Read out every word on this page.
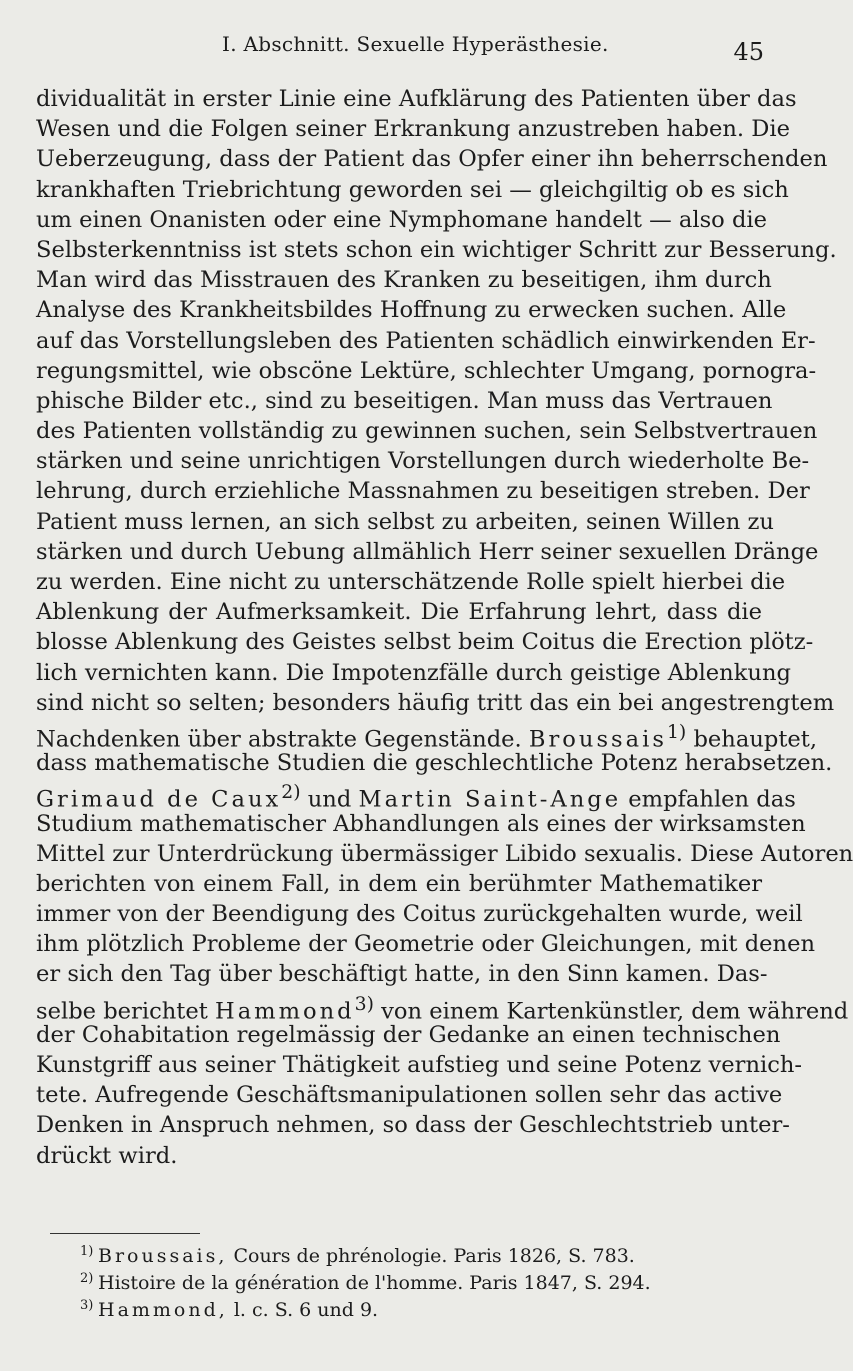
I. Abschnitt. Sexuelle Hyperästhesie.	45
dividualität in erster Linie eine Aufklärung des Patienten über das
Wesen und die Folgen seiner Erkrankung anzustreben haben. Die
Ueberzeugung, dass der Patient das Opfer einer ihn beherrschenden
krankhaften Triebrichtung geworden sei — gleichgiltig ob es sich
um einen Onanisten oder eine Nymphomane handelt — also die
Selbsterkenntniss ist stets schon ein wichtiger Schritt zur Besserung.
Man wird das Misstrauen des Kranken zu beseitigen, ihm durch
Analyse des Krankheitsbildes Hoffnung zu erwecken suchen. Alle
auf das Vorstellungsleben des Patienten schädlich einwirkenden Er-
regungsmittel, wie obscöne Lektüre, schlechter Umgang, pornogra-
phische Bilder etc., sind zu beseitigen. Man muss das Vertrauen
des Patienten vollständig zu gewinnen suchen, sein Selbstvertrauen
stärken und seine unrichtigen Vorstellungen durch wiederholte Be-
lehrung, durch erziehliche Massnahmen zu beseitigen streben. Der
Patient muss lernen, an sich selbst zu arbeiten, seinen Willen zu
stärken und durch Uebung allmählich Herr seiner sexuellen Dränge
zu werden. Eine nicht zu unterschätzende Rolle spielt hierbei die
Ablenkung der Aufmerksamkeit. Die Erfahrung lehrt, dass die
blosse Ablenkung des Geistes selbst beim Coitus die Erection plötz-
lich vernichten kann. Die Impotenzfälle durch geistige Ablenkung
sind nicht so selten; besonders häufig tritt das ein bei angestrengtem
Nachdenken über abstrakte Gegenstände. Broussais$^{1)}$ behauptet,
dass mathematische Studien die geschlechtliche Potenz herabsetzen.
Grimaud de Caux$^{2)}$ und Martin Saint-Ange empfahlen das
Studium mathematischer Abhandlungen als eines der wirksamsten
Mittel zur Unterdrückung übermässiger Libido sexualis. Diese Autoren
berichten von einem Fall, in dem ein berühmter Mathematiker
immer von der Beendigung des Coitus zurückgehalten wurde, weil
ihm plötzlich Probleme der Geometrie oder Gleichungen, mit denen
er sich den Tag über beschäftigt hatte, in den Sinn kamen. Das-
selbe berichtet Hammond$^{3)}$ von einem Kartenkünstler, dem während
der Cohabitation regelmässig der Gedanke an einen technischen
Kunstgriff aus seiner Thätigkeit aufstieg und seine Potenz vernich-
tete. Aufregende Geschäftsmanipulationen sollen sehr das active
Denken in Anspruch nehmen, so dass der Geschlechtstrieb unter-
drückt wird.
1) Broussais, Cours de phrénologie. Paris 1826, S. 783.
2) Histoire de la génération de l'homme. Paris 1847, S. 294.
3) Hammond, l. c. S. 6 und 9.
